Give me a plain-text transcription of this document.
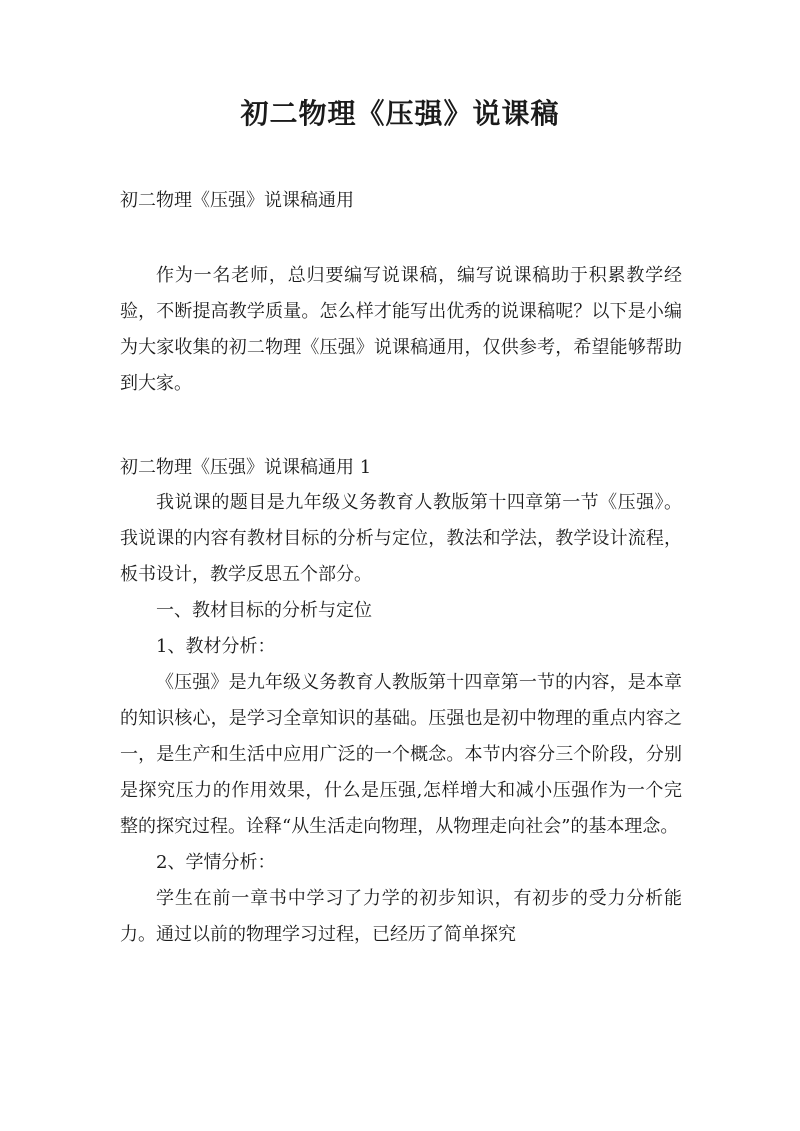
初二物理《压强》说课稿

初二物理《压强》说课稿通用

作为一名老师，总归要编写说课稿，编写说课稿助于积累教学经验，不断提高教学质量。怎么样才能写出优秀的说课稿呢？以下是小编为大家收集的初二物理《压强》说课稿通用，仅供参考，希望能够帮助到大家。

初二物理《压强》说课稿通用 1

我说课的题目是九年级义务教育人教版第十四章第一节《压强》。我说课的内容有教材目标的分析与定位，教法和学法，教学设计流程，板书设计，教学反思五个部分。

一、教材目标的分析与定位

1、教材分析：

《压强》是九年级义务教育人教版第十四章第一节的内容，是本章的知识核心，是学习全章知识的基础。压强也是初中物理的重点内容之一，是生产和生活中应用广泛的一个概念。本节内容分三个阶段，分别是探究压力的作用效果，什么是压强,怎样增大和减小压强作为一个完整的探究过程。诠释“从生活走向物理，从物理走向社会”的基本理念。

2、学情分析：

学生在前一章书中学习了力学的初步知识，有初步的受力分析能力。通过以前的物理学习过程，已经历了简单探究
